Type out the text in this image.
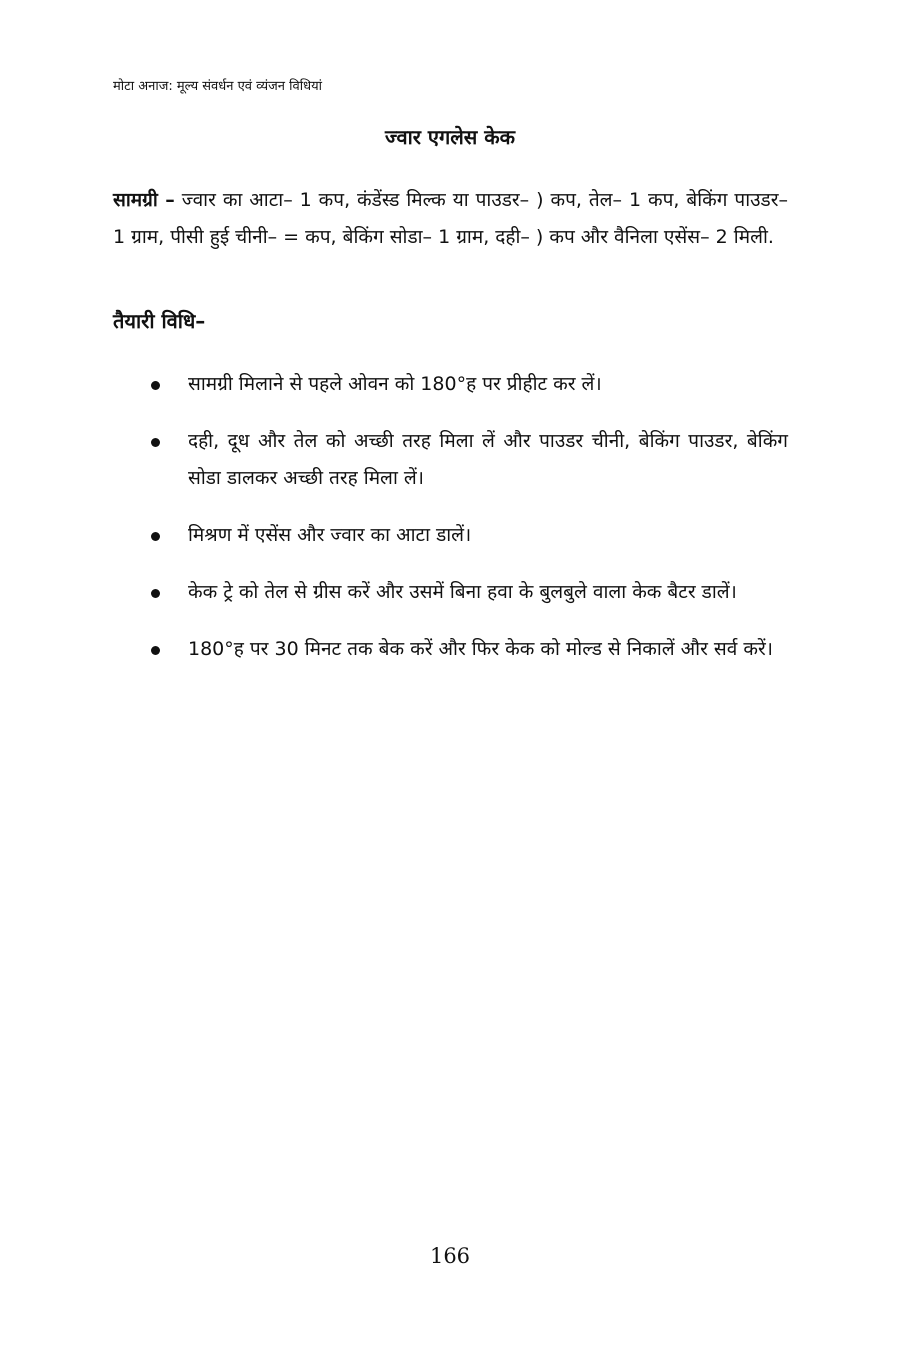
मोटा अनाज: मूल्य संवर्धन एवं व्यंजन विधियां
ज्वार एगलेस केक

सामग्री – ज्वार का आटा– 1 कप, कंडेंस्ड मिल्क या पाउडर– ) कप, तेल– 1 कप, बेकिंग पाउडर– 1 ग्राम, पीसी हुई चीनी– = कप, बेकिंग सोडा– 1 ग्राम, दही– ) कप और वैनिला एसेंस– 2 मिली.

तैयारी विधि–
सामग्री मिलाने से पहले ओवन को 180°ह पर प्रीहीट कर लें।
दही, दूध और तेल को अच्छी तरह मिला लें और पाउडर चीनी, बेकिंग पाउडर, बेकिंग सोडा डालकर अच्छी तरह मिला लें।
मिश्रण में एसेंस और ज्वार का आटा डालें।
केक ट्रे को तेल से ग्रीस करें और उसमें बिना हवा के बुलबुले वाला केक बैटर डालें।
180°ह पर 30 मिनट तक बेक करें और फिर केक को मोल्ड से निकालें और सर्व करें।
166
